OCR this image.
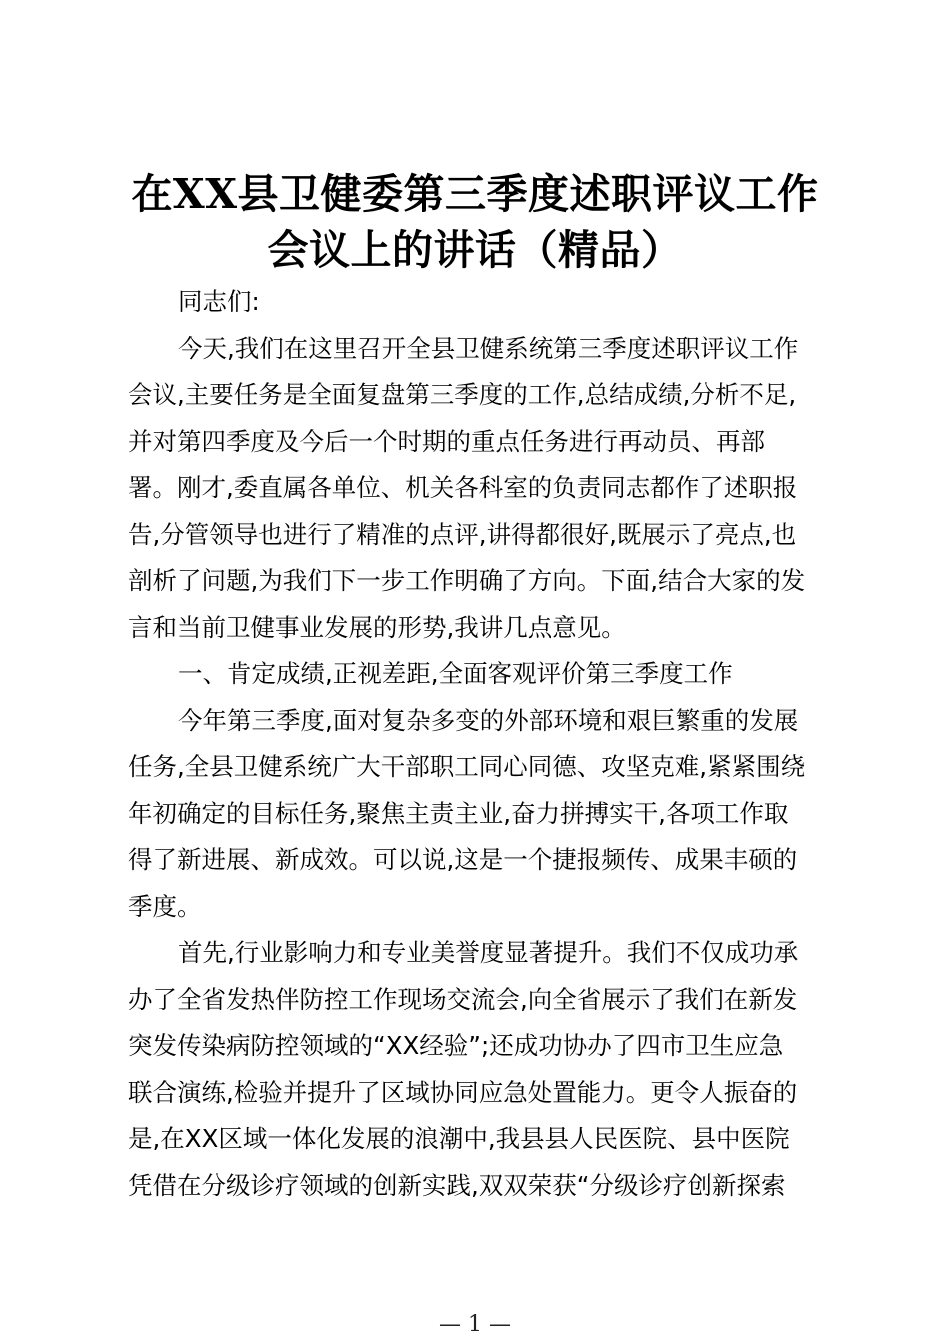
在XX县卫健委第三季度述职评议工作
会议上的讲话（精品）
同志们:
今天,我们在这里召开全县卫健系统第三季度述职评议工作
会议,主要任务是全面复盘第三季度的工作,总结成绩,分析不足,
并对第四季度及今后一个时期的重点任务进行再动员、再部
署。刚才,委直属各单位、机关各科室的负责同志都作了述职报
告,分管领导也进行了精准的点评,讲得都很好,既展示了亮点,也
剖析了问题,为我们下一步工作明确了方向。下面,结合大家的发
言和当前卫健事业发展的形势,我讲几点意见。
一、肯定成绩,正视差距,全面客观评价第三季度工作
今年第三季度,面对复杂多变的外部环境和艰巨繁重的发展
任务,全县卫健系统广大干部职工同心同德、攻坚克难,紧紧围绕
年初确定的目标任务,聚焦主责主业,奋力拼搏实干,各项工作取
得了新进展、新成效。可以说,这是一个捷报频传、成果丰硕的
季度。
首先,行业影响力和专业美誉度显著提升。我们不仅成功承
办了全省发热伴防控工作现场交流会,向全省展示了我们在新发
突发传染病防控领域的“XX经验”;还成功协办了四市卫生应急
联合演练,检验并提升了区域协同应急处置能力。更令人振奋的
是,在XX区域一体化发展的浪潮中,我县县人民医院、县中医院
凭借在分级诊疗领域的创新实践,双双荣获“分级诊疗创新探索
— 1 —
